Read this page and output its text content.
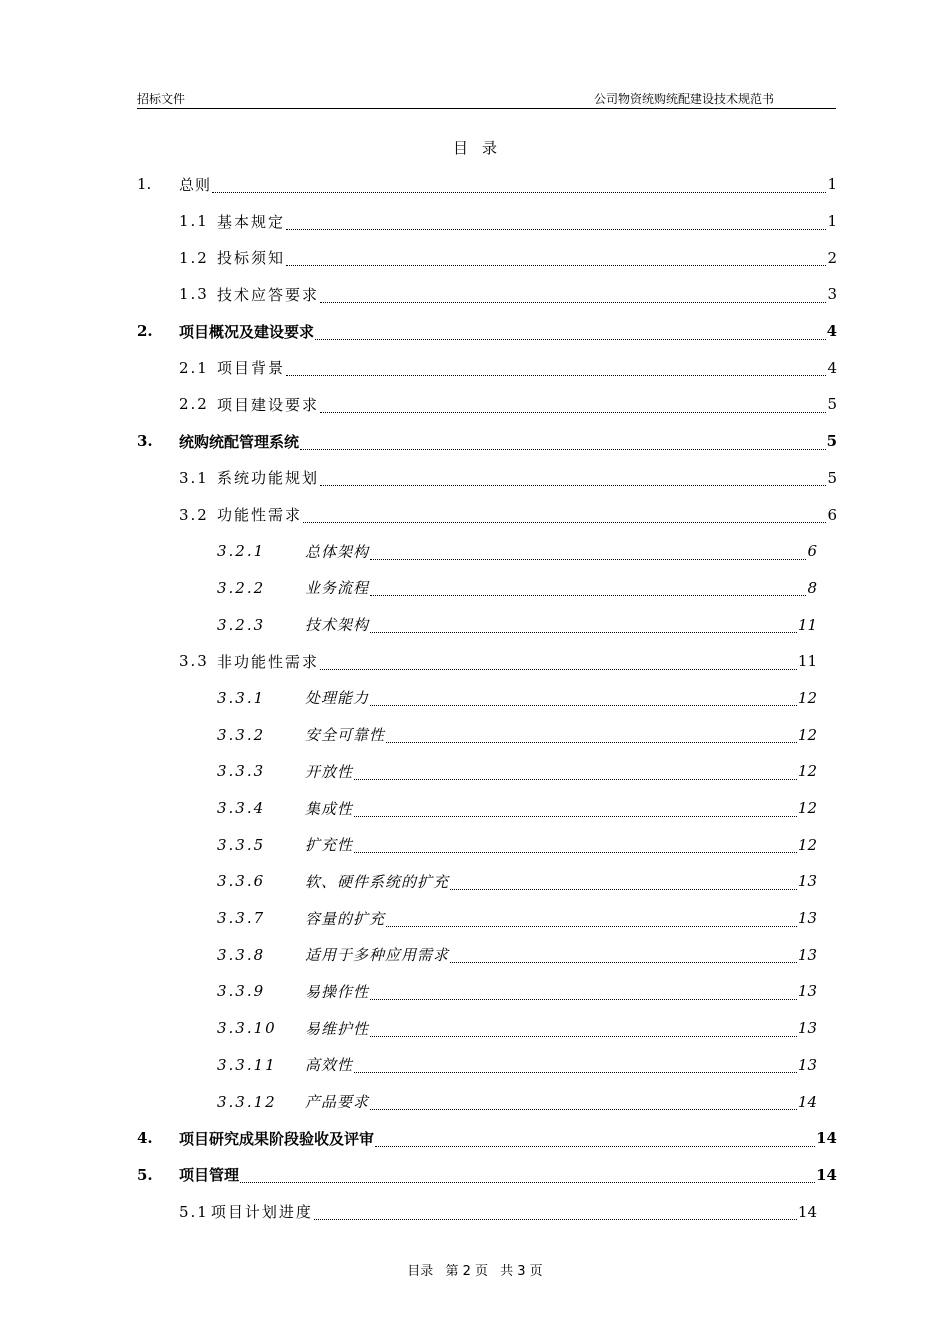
招标文件	公司物资统购统配建设技术规范书
目录
1.	总则	1
1.1 基本规定	1
1.2 投标须知	2
1.3 技术应答要求	3
2.	项目概况及建设要求	4
2.1 项目背景	4
2.2 项目建设要求	5
3.	统购统配管理系统	5
3.1 系统功能规划	5
3.2 功能性需求	6
3.2.1	总体架构	6
3.2.2	业务流程	8
3.2.3	技术架构	11
3.3 非功能性需求	11
3.3.1	处理能力	12
3.3.2	安全可靠性	12
3.3.3	开放性	12
3.3.4	集成性	12
3.3.5	扩充性	12
3.3.6	软、硬件系统的扩充	13
3.3.7	容量的扩充	13
3.3.8	适用于多种应用需求	13
3.3.9	易操作性	13
3.3.10	易维护性	13
3.3.11	高效性	13
3.3.12	产品要求	14
4.	项目研究成果阶段验收及评审	14
5.	项目管理	14
5.1 项目计划进度	14
目录 第 2 页 共 3 页
